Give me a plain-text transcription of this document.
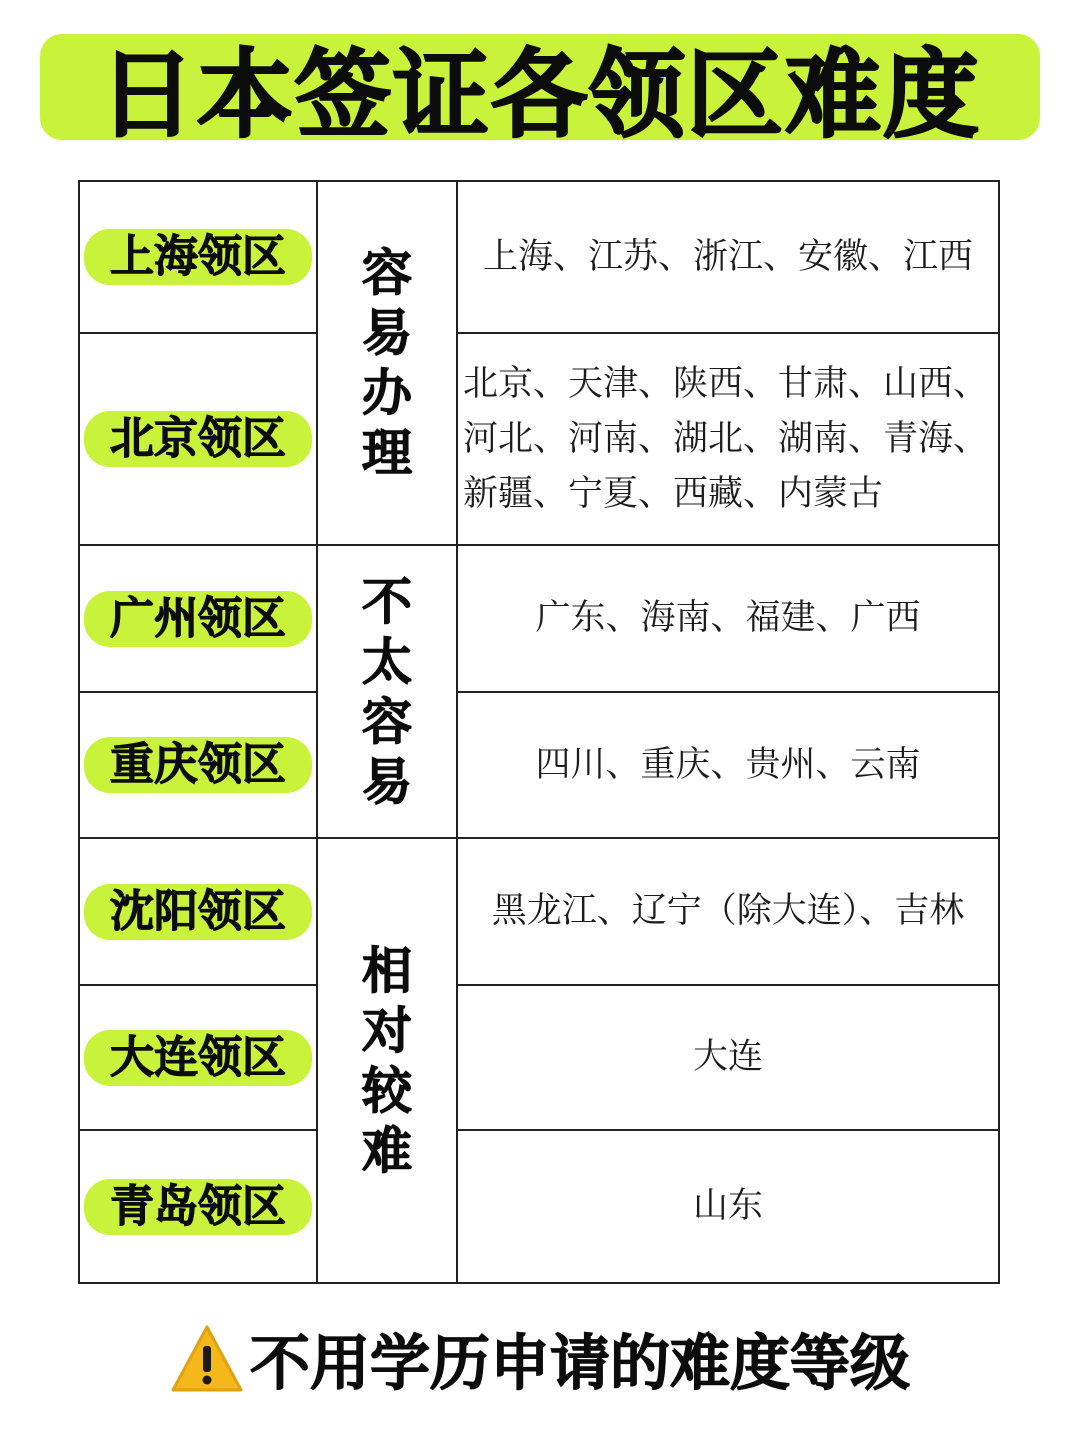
日本签证各领区难度
上海领区	容易办理	上海、江苏、浙江、安徽、江西
北京领区		北京、天津、陕西、甘肃、山西、河北、河南、湖北、湖南、青海、新疆、宁夏、西藏、内蒙古
广州领区	不太容易	广东、海南、福建、广西
重庆领区		四川、重庆、贵州、云南
沈阳领区	相对较难	黑龙江、辽宁（除大连）、吉林
大连领区		大连
青岛领区		山东
不用学历申请的难度等级
